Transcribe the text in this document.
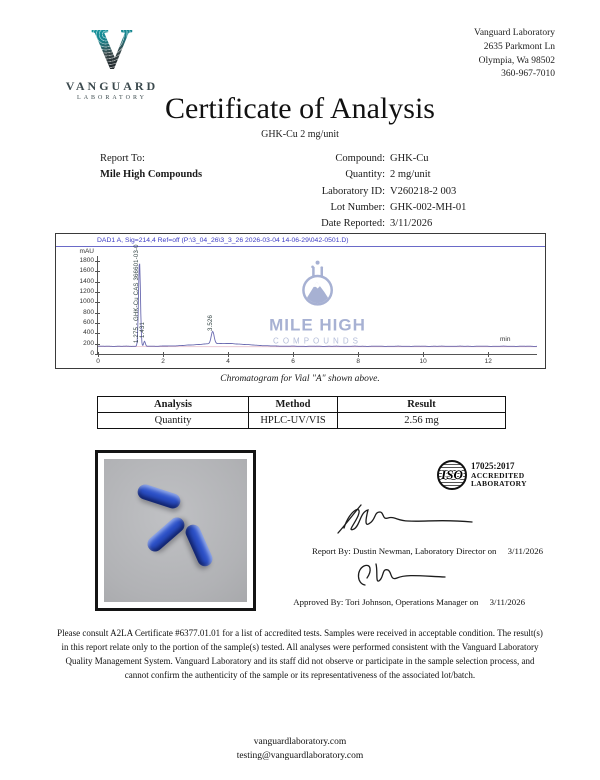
V
VANGUARD
LABORATORY
Vanguard Laboratory
2635 Parkmont Ln
Olympia, Wa 98502
360-967-7010
Certificate of Analysis
GHK-Cu 2 mg/unit
Report To:
Mile High Compounds
Compound: GHK-Cu
Quantity: 2 mg/unit
Laboratory ID: V260218-2 003
Lot Number: GHK-002-MH-01
Date Reported: 3/11/2026
DAD1 A, Sig=214,4 Ref=off (P:\3_04_26\3_3_26 2026-03-04 14-06-29\042-0501.D)
mAU
MILE HIGH
COMPOUNDS
0
200
400
600
800
1000
1200
1400
1600
1800
0	2	4	6	8	10	12
1.275 - GHK-Cu CAS 366601-03-0 1.431	3.526
min
Chromatogram for Vial "A" shown above.
Analysis	Method	Result
Quantity	HPLC-UV/VIS	2.56 mg
ISO
17025:2017
ACCREDITED
LABORATORY
Report By: Dustin Newman, Laboratory Director on 3/11/2026
Approved By: Tori Johnson, Operations Manager on 3/11/2026

Please consult A2LA Certificate #6377.01.01 for a list of accredited tests. Samples were received in acceptable condition. The result(s) in this report relate only to the portion of the sample(s) tested. All analyses were performed consistent with the Vanguard Laboratory Quality Management System. Vanguard Laboratory and its staff did not observe or participate in the sample selection process, and cannot confirm the authenticity of the sample or its representativeness of the associated lot/batch.

vanguardlaboratory.com
testing@vanguardlaboratory.com
